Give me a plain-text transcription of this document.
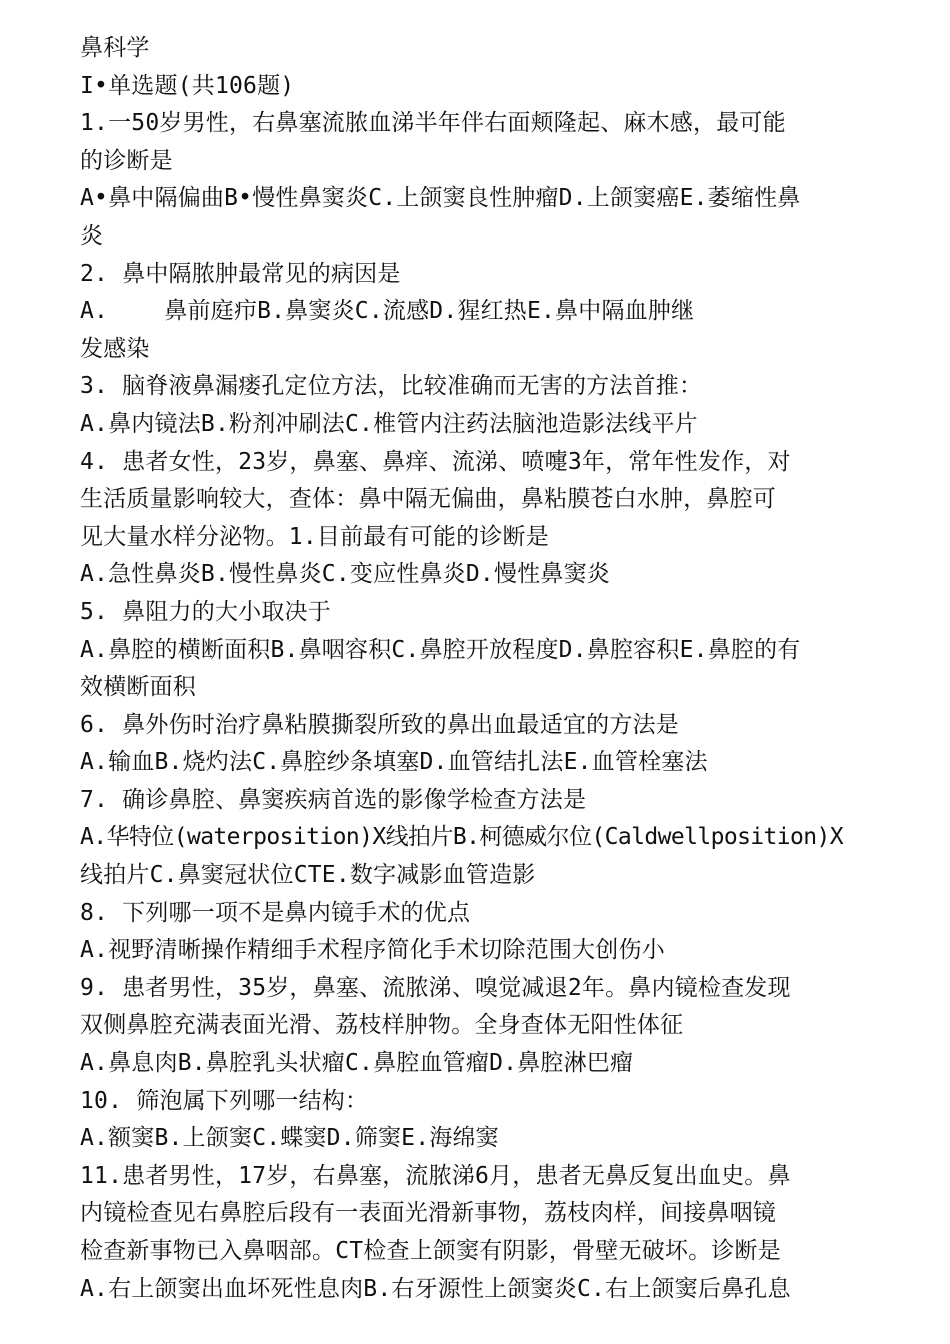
鼻科学
I•单选题(共106题)
1.一50岁男性，右鼻塞流脓血涕半年伴右面颊隆起、麻木感，最可能
的诊断是
A•鼻中隔偏曲B•慢性鼻窦炎C.上颌窦良性肿瘤D.上颌窦癌E.萎缩性鼻
炎
2. 鼻中隔脓肿最常见的病因是
A.    鼻前庭疖B.鼻窦炎C.流感D.猩红热E.鼻中隔血肿继
发感染
3. 脑脊液鼻漏瘘孔定位方法，比较准确而无害的方法首推：
A.鼻内镜法B.粉剂冲刷法C.椎管内注药法脑池造影法线平片
4. 患者女性，23岁，鼻塞、鼻痒、流涕、喷嚏3年，常年性发作，对
生活质量影响较大，查体：鼻中隔无偏曲，鼻粘膜苍白水肿，鼻腔可
见大量水样分泌物。1.目前最有可能的诊断是
A.急性鼻炎B.慢性鼻炎C.变应性鼻炎D.慢性鼻窦炎
5. 鼻阻力的大小取决于
A.鼻腔的横断面积B.鼻咽容积C.鼻腔开放程度D.鼻腔容积E.鼻腔的有
效横断面积
6. 鼻外伤时治疗鼻粘膜撕裂所致的鼻出血最适宜的方法是
A.输血B.烧灼法C.鼻腔纱条填塞D.血管结扎法E.血管栓塞法
7. 确诊鼻腔、鼻窦疾病首选的影像学检查方法是
A.华特位(waterposition)X线拍片B.柯德威尔位(Caldwellposition)X
线拍片C.鼻窦冠状位CTE.数字减影血管造影
8. 下列哪一项不是鼻内镜手术的优点
A.视野清晰操作精细手术程序简化手术切除范围大创伤小
9. 患者男性，35岁，鼻塞、流脓涕、嗅觉减退2年。鼻内镜检查发现
双侧鼻腔充满表面光滑、荔枝样肿物。全身查体无阳性体征
A.鼻息肉B.鼻腔乳头状瘤C.鼻腔血管瘤D.鼻腔淋巴瘤
10. 筛泡属下列哪一结构：
A.额窦B.上颌窦C.蝶窦D.筛窦E.海绵窦
11.患者男性，17岁，右鼻塞，流脓涕6月，患者无鼻反复出血史。鼻
内镜检查见右鼻腔后段有一表面光滑新事物，荔枝肉样，间接鼻咽镜
检查新事物已入鼻咽部。CT检查上颌窦有阴影，骨壁无破坏。诊断是
A.右上颌窦出血坏死性息肉B.右牙源性上颌窦炎C.右上颌窦后鼻孔息
